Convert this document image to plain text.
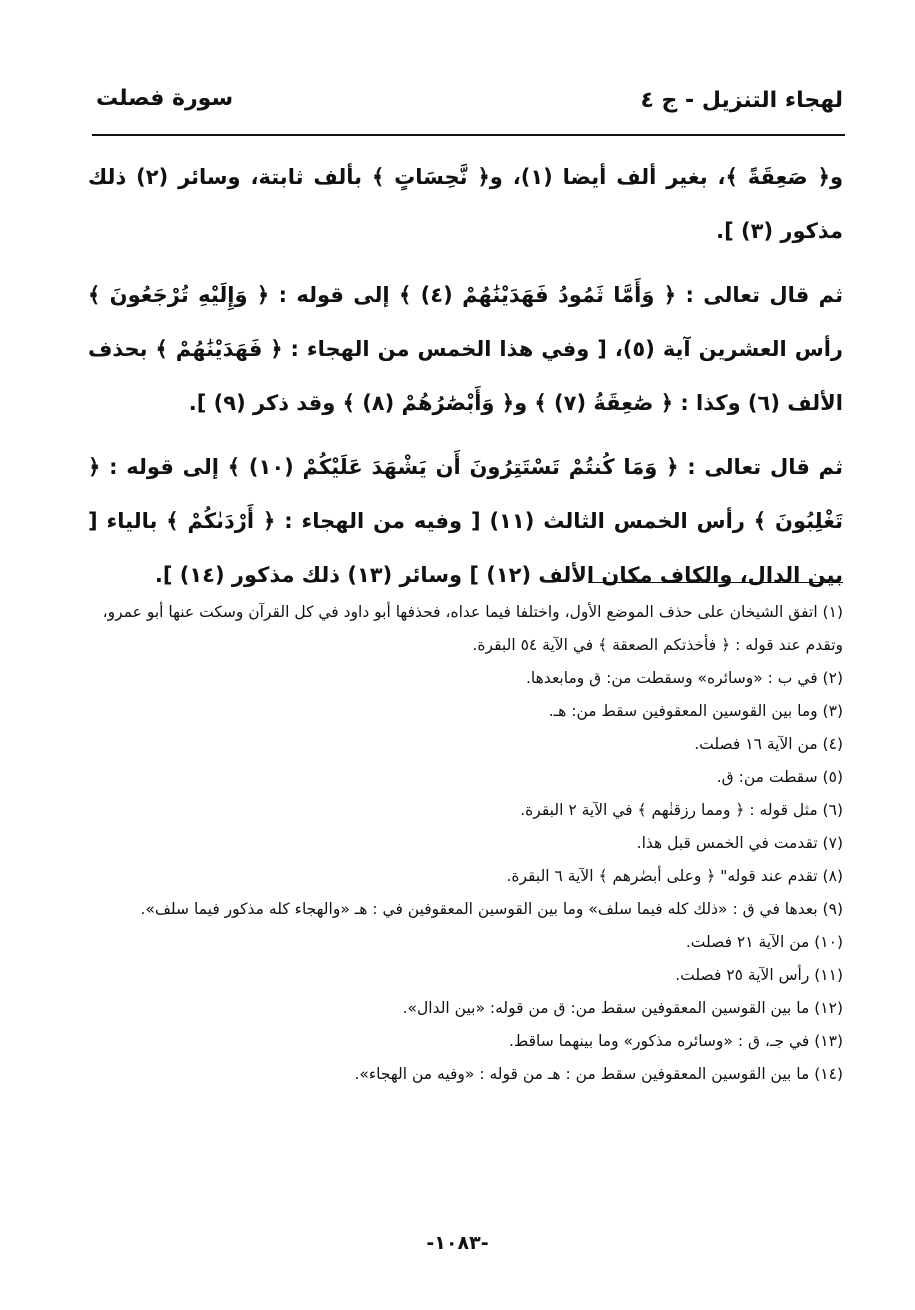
لهجاء التنزيل - ج ٤
سورة فصلت

و﴿ صَعِقَةً ﴾، بغير ألف أيضا (١)، و﴿ نَّحِسَاتٍ ﴾ بألف ثابتة، وسائر (٢) ذلك مذكور (٣) ].

ثم قال تعالى : ﴿ وَأَمَّا ثَمُودُ فَهَدَيْنَٰهُمْ (٤) ﴾ إلى قوله : ﴿ وَإِلَيْهِ تُرْجَعُونَ ﴾ رأس العشرين آية (٥)، [ وفي هذا الخمس من الهجاء : ﴿ فَهَدَيْنَٰهُمْ ﴾ بحذف الألف (٦) وكذا : ﴿ صَٰعِقَةُ (٧) ﴾ و﴿ وَأَبْصَٰرُهُمْ (٨) ﴾ وقد ذكر (٩) ].

ثم قال تعالى : ﴿ وَمَا كُنتُمْ تَسْتَتِرُونَ أَن يَشْهَدَ عَلَيْكُمْ (١٠) ﴾ إلى قوله : ﴿ تَغْلِبُونَ ﴾ رأس الخمس الثالث (١١) [ وفيه من الهجاء : ﴿ أَرْدَىٰكُمْ ﴾ بالياء [ بين الدال، والكاف مكان الألف (١٢) ] وسائر (١٣) ذلك مذكور (١٤) ].

(١) اتفق الشيخان على حذف الموضع الأول، واختلفا فيما عداه، فحذفها أبو داود في كل القرآن وسكت عنها أبو عمرو، وتقدم عند قوله : ﴿ فأخذتكم الصعقة ﴾ في الآية ٥٤ البقرة.

(٢) في ب : «وسائره» وسقطت من: ق ومابعدها.

(٣) وما بين القوسين المعقوفين سقط من: هـ.

(٤) من الآية ١٦ فصلت.

(٥) سقطت من: ق.

(٦) مثل قوله : ﴿ ومما رزقنٰهم ﴾ في الآية ٢ البقرة.

(٧) تقدمت في الخمس قبل هذا.

(٨) تقدم عند قوله" ﴿ وعلى أبصٰرهم ﴾ الآية ٦ البقرة.

(٩) بعدها في ق : «ذلك كله فيما سلف» وما بين القوسين المعقوفين في : هـ «والهجاء كله مذكور فيما سلف».

(١٠) من الآية ٢١ فصلت.

(١١) رأس الآية ٢٥ فصلت.

(١٢) ما بين القوسين المعقوفين سقط من: ق من قوله: «بين الدال».

(١٣) في جـ، ق : «وسائره مذكور» وما بينهما ساقط.

(١٤) ما بين القوسين المعقوفين سقط من : هـ من قوله : «وفيه من الهجاء».

-١٠٨٣-
